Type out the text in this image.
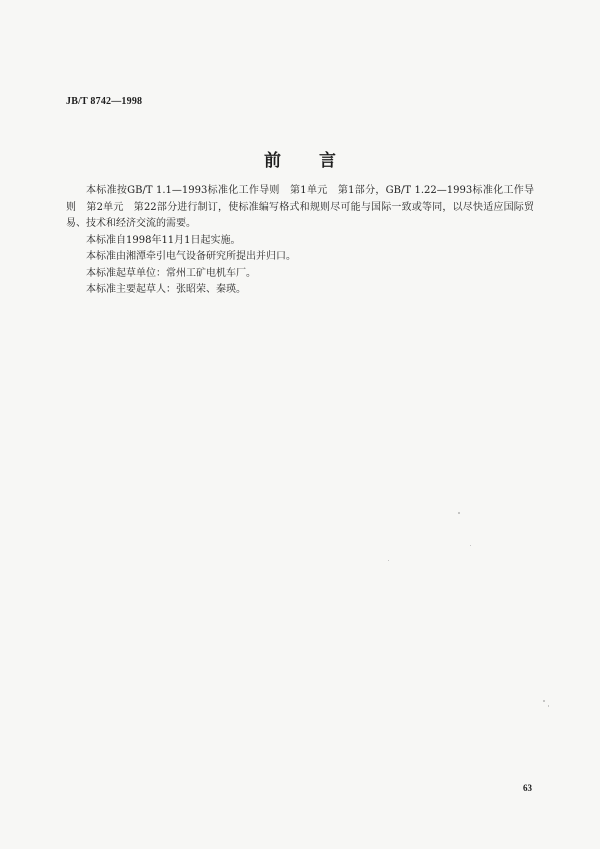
JB/T 8742—1998
前言

本标准按GB/T 1.1—1993标准化工作导则　第1单元　第1部分，GB/T 1.22—1993标准化工作导则　第2单元　第22部分进行制订，使标准编写格式和规则尽可能与国际一致或等同，以尽快适应国际贸易、技术和经济交流的需要。

本标准自1998年11月1日起实施。

本标准由湘潭牵引电气设备研究所提出并归口。

本标准起草单位：常州工矿电机车厂。

本标准主要起草人：张昭荣、秦瑛。

63
